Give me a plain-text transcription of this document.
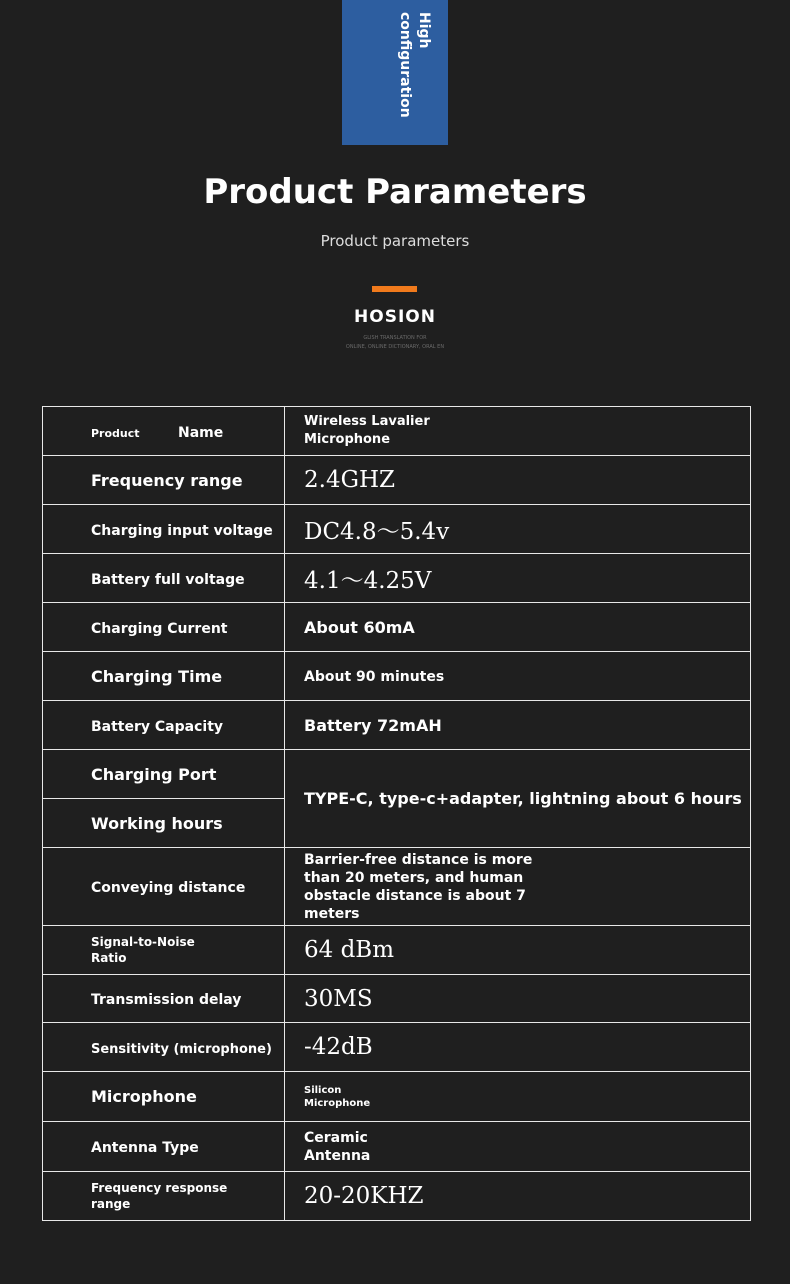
High
configuration
Product Parameters
Product parameters
HOSION
GLISH TRANSLATION FOR
ONLINE, ONLINE DICTIONARY, ORAL EN
Product Name	Wireless Lavalier Microphone

Frequency range	2.4GHZ
Charging input voltage	DC4.8～5.4v
Battery full voltage	4.1～4.25V
Charging Current	About 60mA
Charging Time	About 90 minutes
Battery Capacity	Battery 72mAH
Charging Port	TYPE-C, type-c+adapter, lightning about 6 hours
Working hours	
Conveying distance	Barrier-free distance is more than 20 meters, and human obstacle distance is about 7 meters

Signal-to-Noise Ratio	64 dBm
Transmission delay	30MS
Sensitivity (microphone)	-42dB
Microphone	Silicon Microphone

Antenna Type	Ceramic Antenna

Frequency response range	20-20KHZ
